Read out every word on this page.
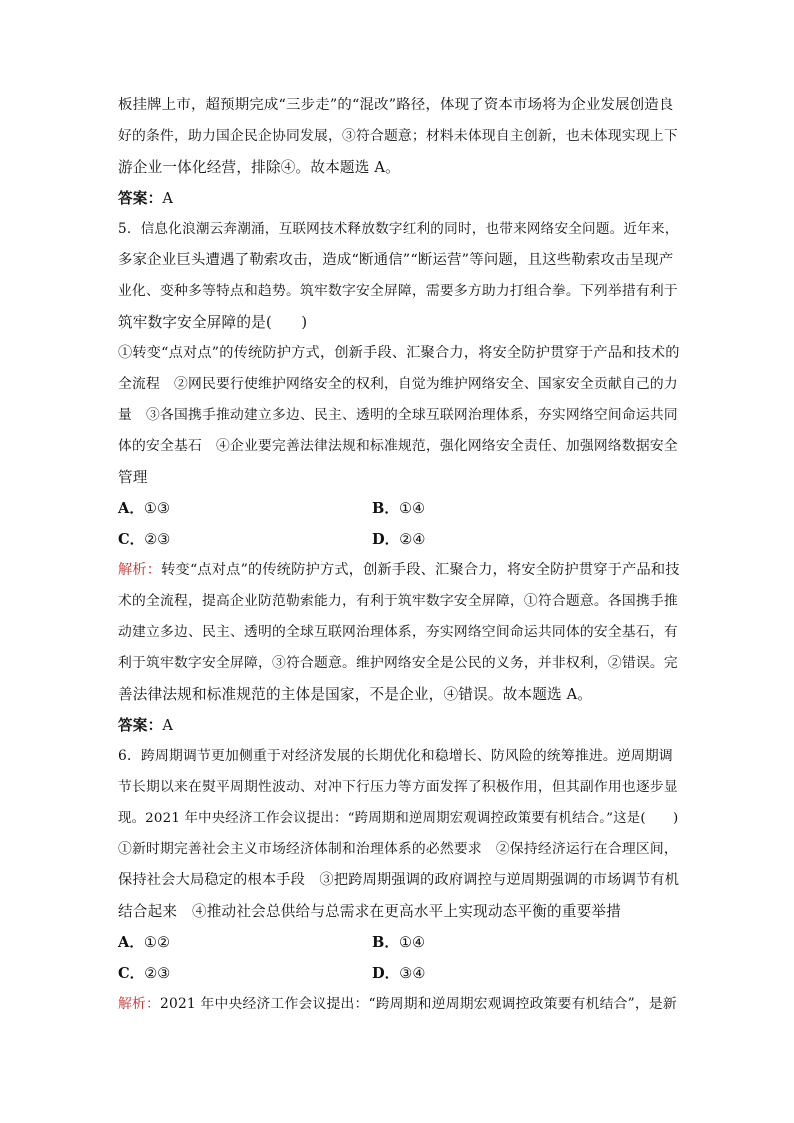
板挂牌上市，超预期完成“三步走”的“混改”路径，体现了资本市场将为企业发展创造良
好的条件，助力国企民企协同发展，③符合题意；材料未体现自主创新，也未体现实现上下
游企业一体化经营，排除④。故本题选 A。
答案：A
5．信息化浪潮云奔潮涌，互联网技术释放数字红利的同时，也带来网络安全问题。近年来，
多家企业巨头遭遇了勒索攻击，造成“断通信”“断运营”等问题，且这些勒索攻击呈现产
业化、变种多等特点和趋势。筑牢数字安全屏障，需要多方助力打组合拳。下列举措有利于
筑牢数字安全屏障的是(　　)
①转变“点对点”的传统防护方式，创新手段、汇聚合力，将安全防护贯穿于产品和技术的
全流程　②网民要行使维护网络安全的权利，自觉为维护网络安全、国家安全贡献自己的力
量　③各国携手推动建立多边、民主、透明的全球互联网治理体系，夯实网络空间命运共同
体的安全基石　④企业要完善法律法规和标准规范，强化网络安全责任、加强网络数据安全
管理
A．①③	B．①④
C．②③	D．②④
解析：转变“点对点”的传统防护方式，创新手段、汇聚合力，将安全防护贯穿于产品和技
术的全流程，提高企业防范勒索能力，有利于筑牢数字安全屏障，①符合题意。各国携手推
动建立多边、民主、透明的全球互联网治理体系，夯实网络空间命运共同体的安全基石，有
利于筑牢数字安全屏障，③符合题意。维护网络安全是公民的义务，并非权利，②错误。完
善法律法规和标准规范的主体是国家，不是企业，④错误。故本题选 A。
答案：A
6．跨周期调节更加侧重于对经济发展的长期优化和稳增长、防风险的统筹推进。逆周期调
节长期以来在熨平周期性波动、对冲下行压力等方面发挥了积极作用，但其副作用也逐步显
现。2021 年中央经济工作会议提出：“跨周期和逆周期宏观调控政策要有机结合。”这是(　　)
①新时期完善社会主义市场经济体制和治理体系的必然要求　②保持经济运行在合理区间，
保持社会大局稳定的根本手段　③把跨周期强调的政府调控与逆周期强调的市场调节有机
结合起来　④推动社会总供给与总需求在更高水平上实现动态平衡的重要举措
A．①②	B．①④
C．②③	D．③④
解析：2021 年中央经济工作会议提出：“跨周期和逆周期宏观调控政策要有机结合”，是新
